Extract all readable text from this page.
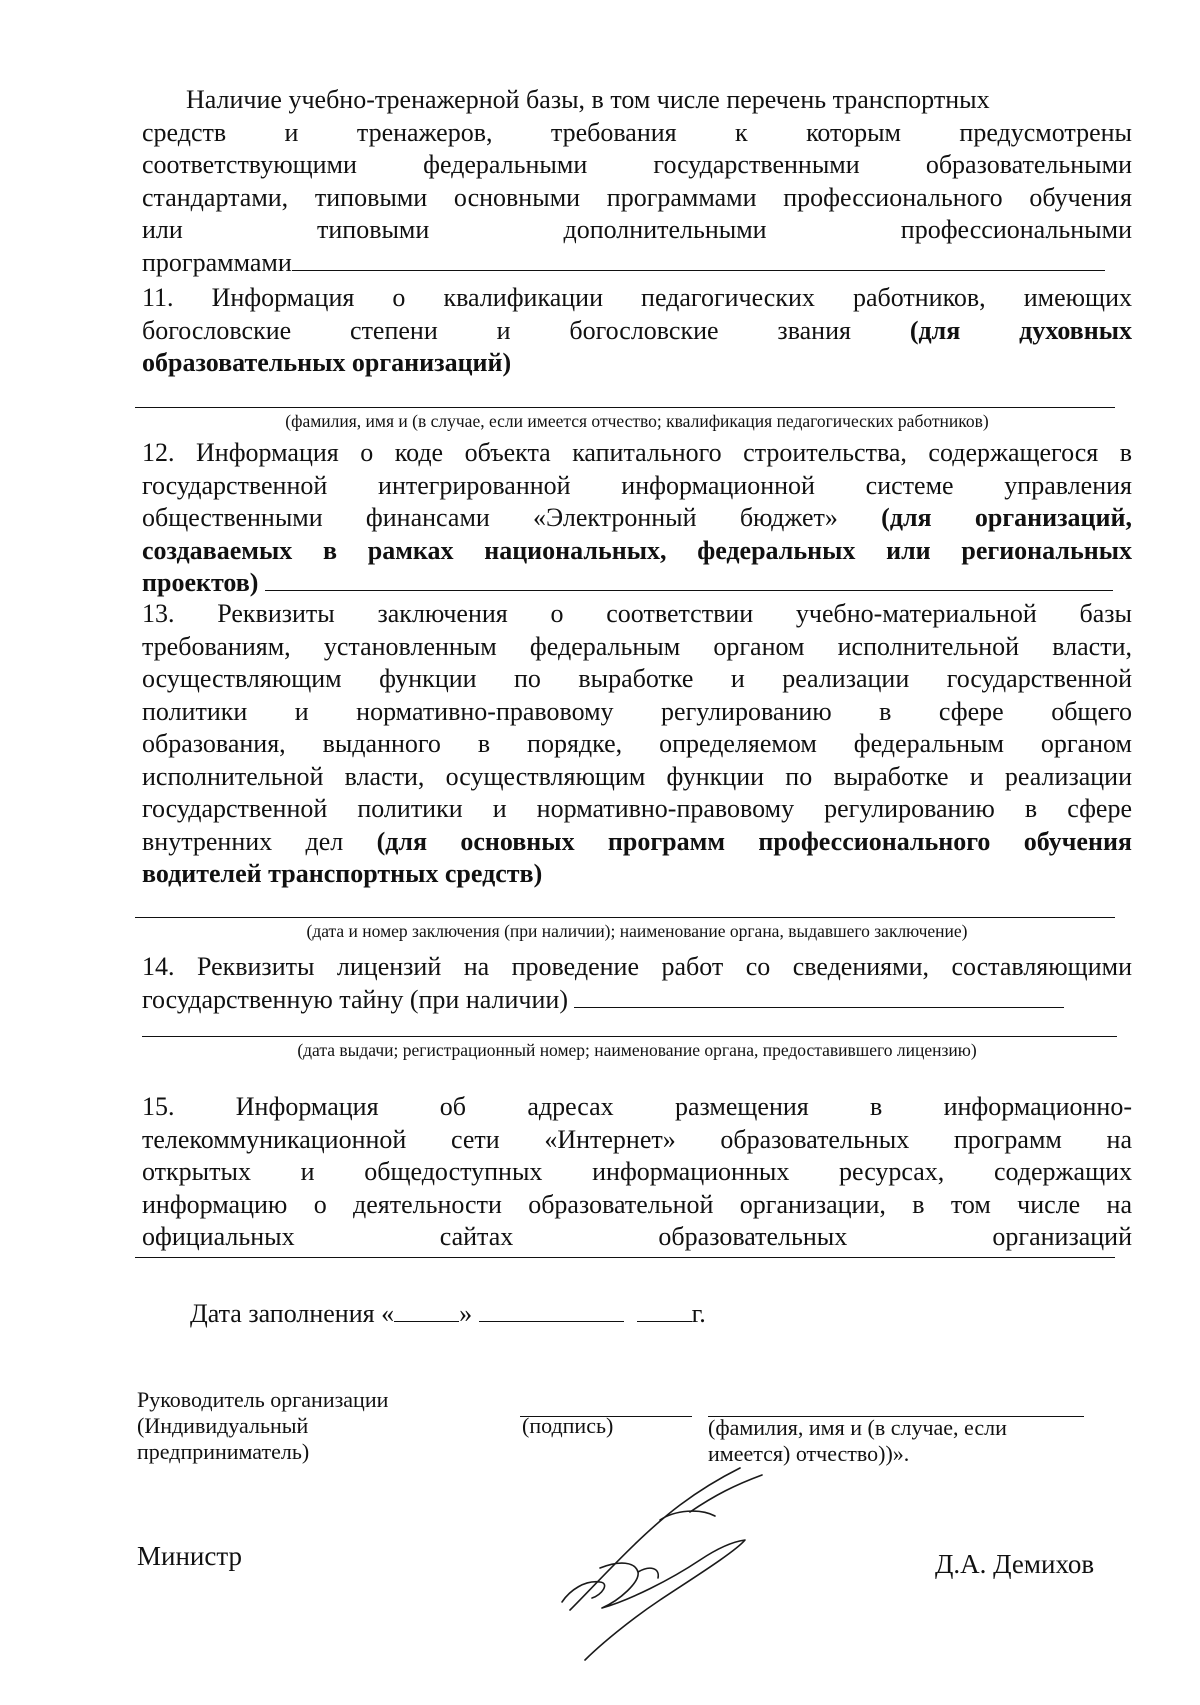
Наличие учебно-тренажерной базы, в том числе перечень транспортных
средств и тренажеров, требования к которым предусмотрены
соответствующими федеральными государственными образовательными
стандартами, типовыми основными программами профессионального обучения
или типовыми дополнительными профессиональными
программами
11. Информация о квалификации педагогических работников, имеющих
богословские степени и богословские звания (для духовных
образовательных организаций)
(фамилия, имя и (в случае, если имеется отчество; квалификация педагогических работников)
12. Информация о коде объекта капитального строительства, содержащегося в
государственной интегрированной информационной системе управления
общественными финансами «Электронный бюджет» (для организаций,
создаваемых в рамках национальных, федеральных или региональных
проектов)
13. Реквизиты заключения о соответствии учебно-материальной базы
требованиям, установленным федеральным органом исполнительной власти,
осуществляющим функции по выработке и реализации государственной
политики и нормативно-правовому регулированию в сфере общего
образования, выданного в порядке, определяемом федеральным органом
исполнительной власти, осуществляющим функции по выработке и реализации
государственной политики и нормативно-правовому регулированию в сфере
внутренних дел (для основных программ профессионального обучения
водителей транспортных средств)
(дата и номер заключения (при наличии); наименование органа, выдавшего заключение)
14. Реквизиты лицензий на проведение работ со сведениями, составляющими
государственную тайну (при наличии)
(дата выдачи; регистрационный номер; наименование органа, предоставившего лицензию)
15. Информация об адресах размещения в информационно-
телекоммуникационной сети «Интернет» образовательных программ на
открытых и общедоступных информационных ресурсах, содержащих
информацию о деятельности образовательной организации, в том числе на
официальных сайтах образовательных организаций
Дата заполнения «	»	г.
Руководитель организации
(Индивидуальный
предприниматель)
(подпись)	(фамилия, имя и (в случае, если
имеется) отчество))».
Министр	Д.А. Демихов
